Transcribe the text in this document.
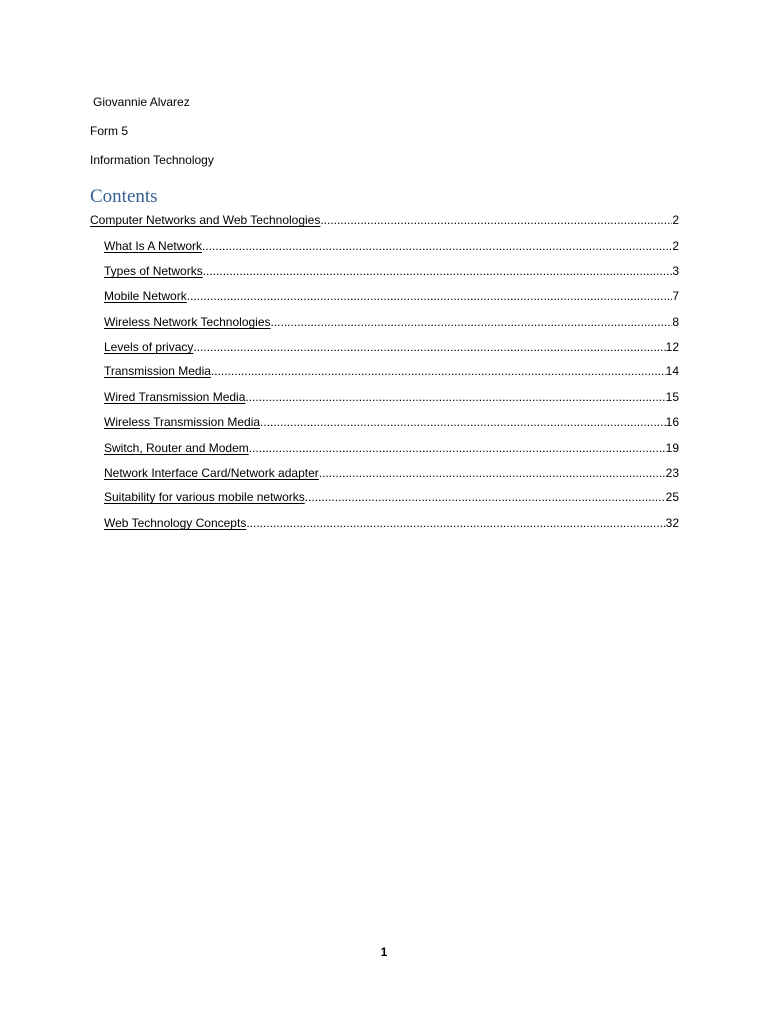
Giovannie Alvarez
Form 5
Information Technology
Contents
Computer Networks and Web Technologies .....	2
What Is A Network .....	2
Types of Networks .....	3
Mobile Network .....	7
Wireless Network Technologies .....	8
Levels of privacy .....	12
Transmission Media .....	14
Wired Transmission Media .....	15
Wireless Transmission Media .....	16
Switch, Router and Modem .....	19
Network Interface Card/Network adapter .....	23
Suitability for various mobile networks .....	25
Web Technology Concepts .....	32
1
